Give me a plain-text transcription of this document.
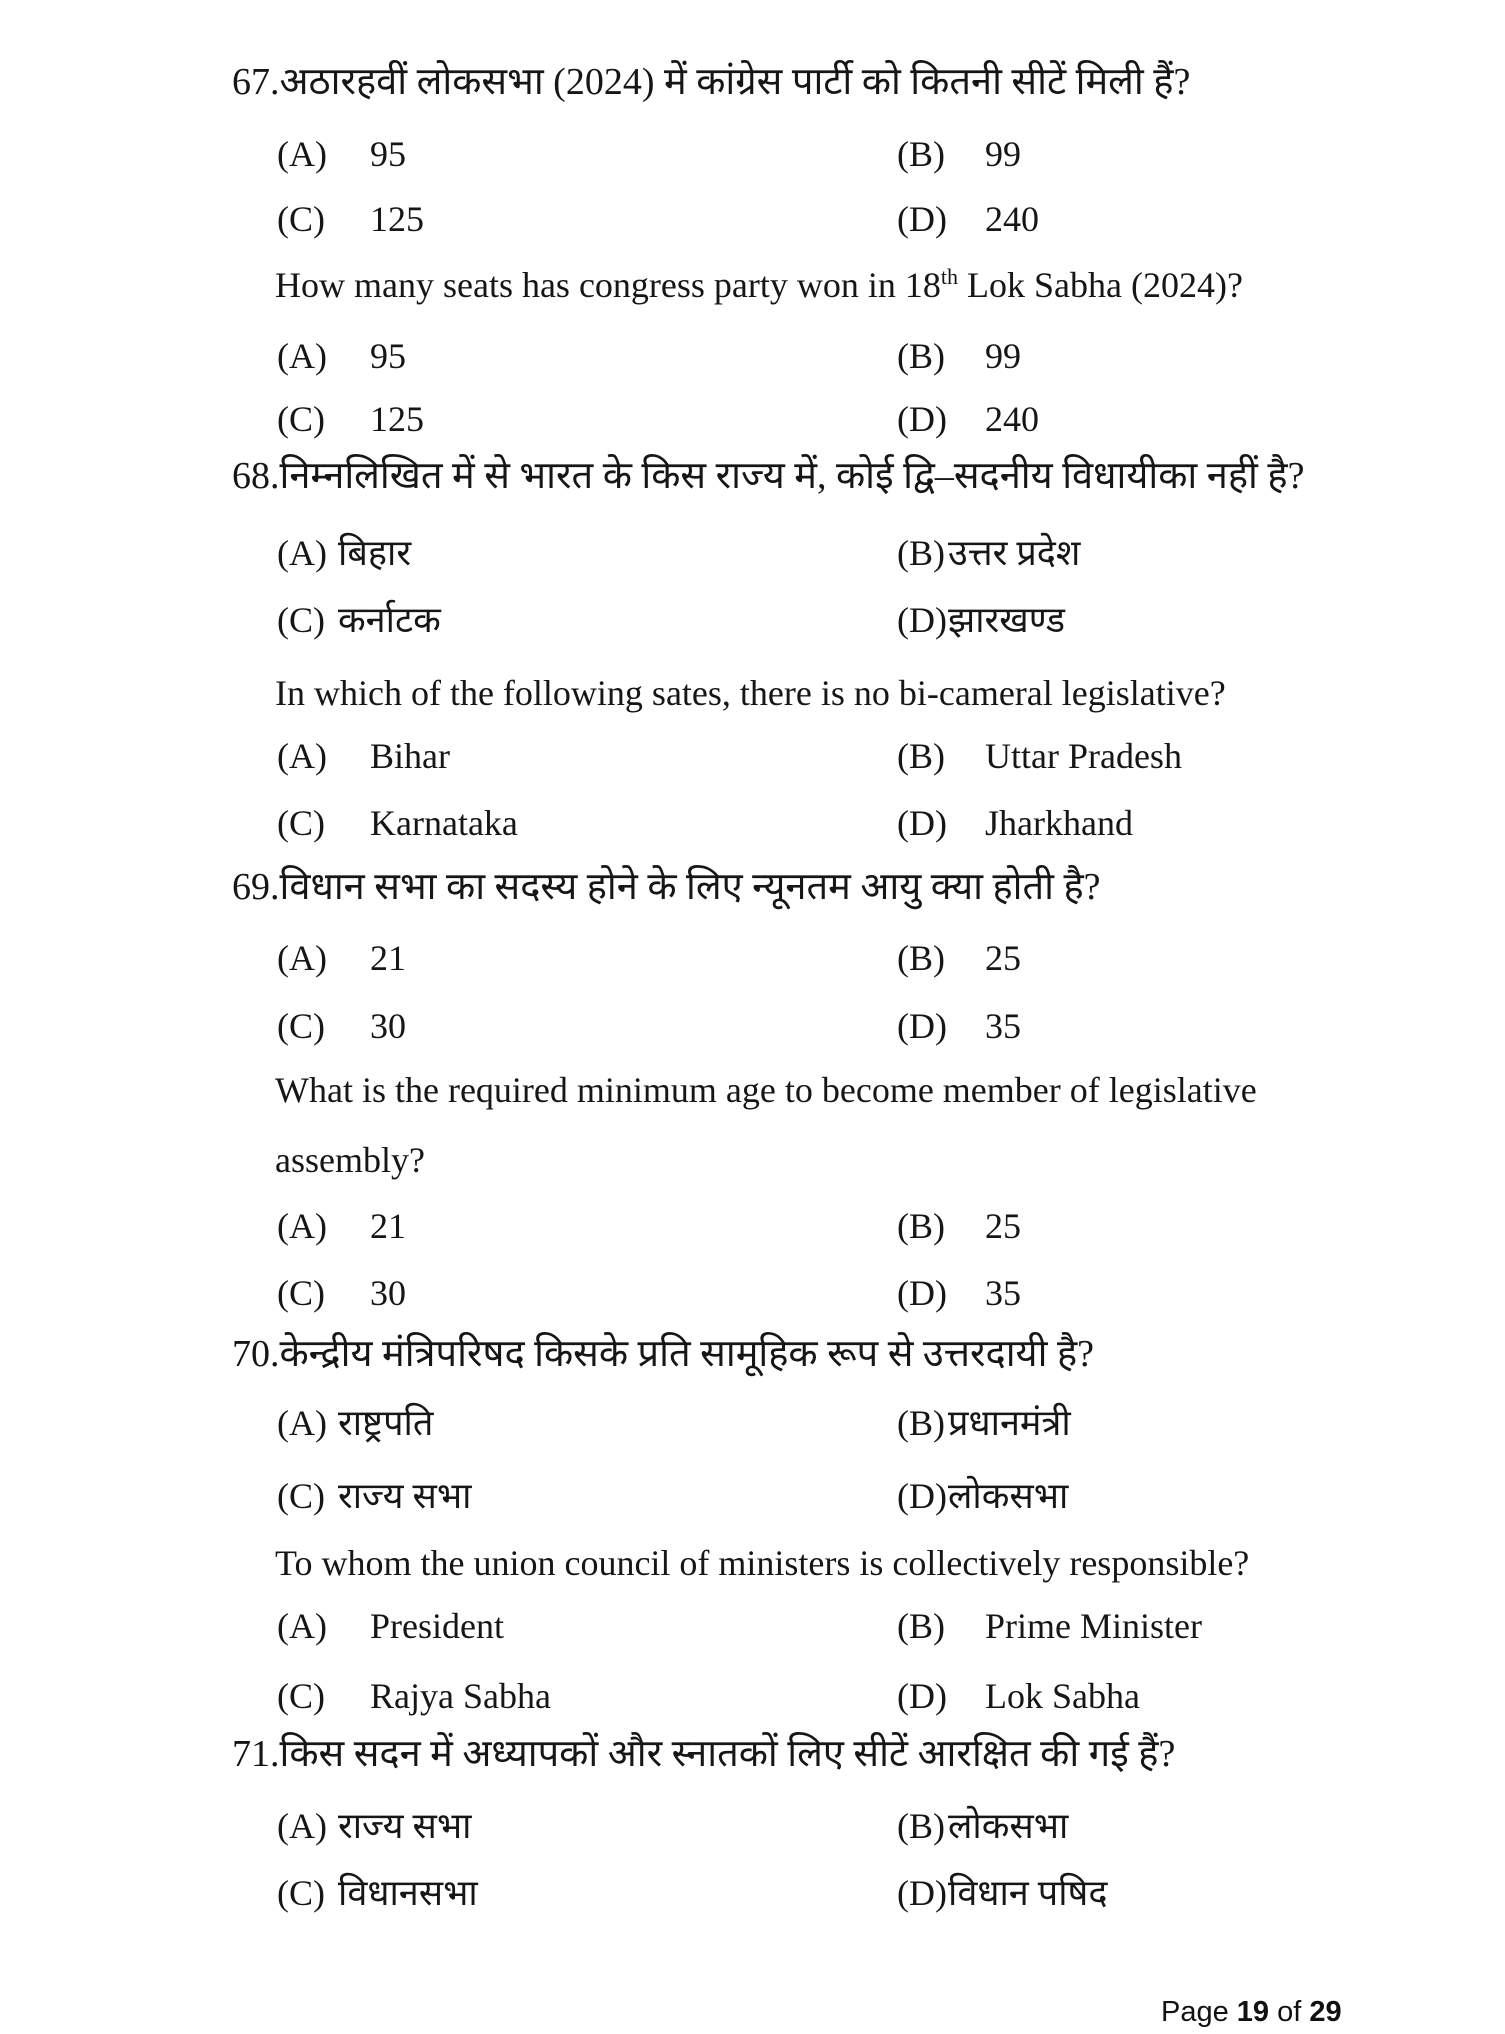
67.अठारहवीं लोकसभा (2024) में कांग्रेस पार्टी को कितनी सीटें मिली हैं?
(A) 95	(B) 99
(C) 125	(D) 240
How many seats has congress party won in 18th Lok Sabha (2024)?
(A) 95	(B) 99
(C) 125	(D) 240
68.निम्नलिखित में से भारत के किस राज्य में, कोई द्वि–सदनीय विधायीका नहीं है?
(A) बिहार	(B) उत्तर प्रदेश
(C) कर्नाटक	(D) झारखण्ड
In which of the following sates, there is no bi-cameral legislative?
(A) Bihar	(B) Uttar Pradesh
(C) Karnataka	(D) Jharkhand
69.विधान सभा का सदस्य होने के लिए न्यूनतम आयु क्या होती है?
(A) 21	(B) 25
(C) 30	(D) 35
What is the required minimum age to become member of legislative
assembly?
(A) 21	(B) 25
(C) 30	(D) 35
70.केन्द्रीय मंत्रिपरिषद किसके प्रति सामूहिक रूप से उत्तरदायी है?
(A) राष्ट्रपति	(B) प्रधानमंत्री
(C) राज्य सभा	(D) लोकसभा
To whom the union council of ministers is collectively responsible?
(A) President	(B) Prime Minister
(C) Rajya Sabha	(D) Lok Sabha
71.किस सदन में अध्यापकों और स्नातकों लिए सीटें आरक्षित की गई हैं?
(A) राज्य सभा	(B) लोकसभा
(C) विधानसभा	(D) विधान पषिद
Page 19 of 29
